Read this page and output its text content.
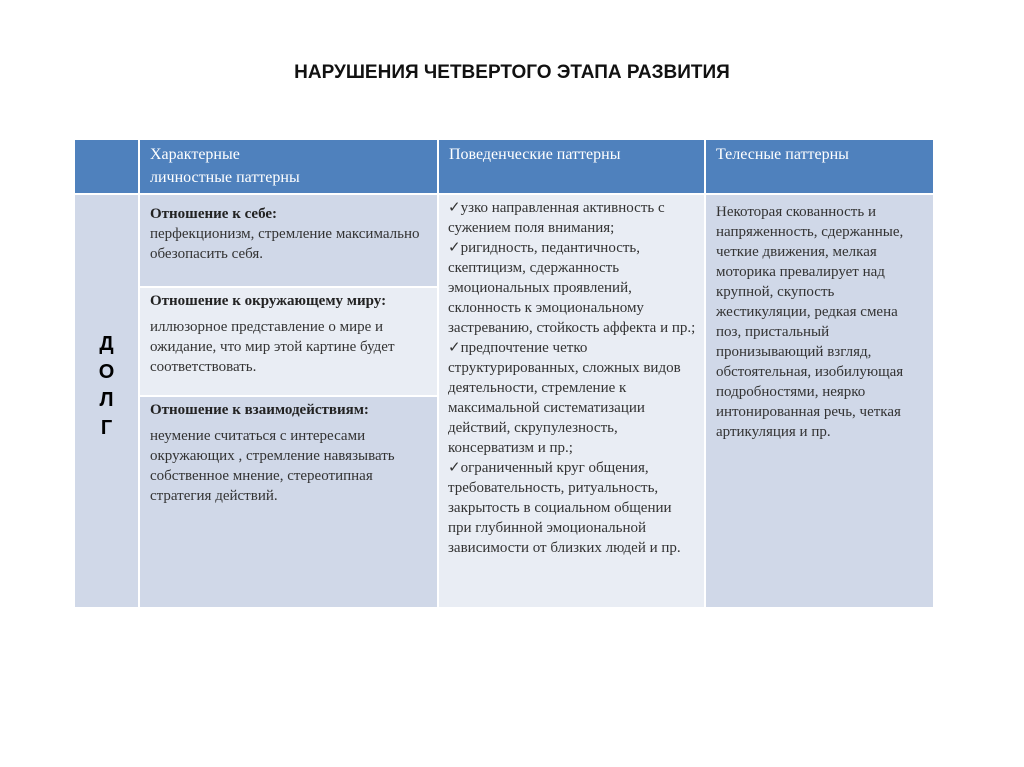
НАРУШЕНИЯ ЧЕТВЕРТОГО ЭТАПА РАЗВИТИЯ
Характерные личностные паттерны
Поведенческие паттерны	Телесные паттерны
Д
О
Л
Г
Отношение к себе:
перфекционизм, стремление максимально обезопасить себя.
Отношение к окружающему миру:
иллюзорное представление о мире и ожидание, что мир этой картине будет соответствовать.
Отношение к взаимодействиям:
неумение считаться с интересами окружающих , стремление навязывать собственное мнение, стереотипная стратегия действий.
✓узко направленная активность с сужением поля внимания;
✓ригидность, педантичность, скептицизм, сдержанность эмоциональных проявлений, склонность к эмоциональному застреванию, стойкость аффекта и пр.;
✓предпочтение четко структурированных, сложных видов деятельности, стремление к максимальной систематизации действий, скрупулезность, консерватизм и пр.;
✓ограниченный круг общения, требовательность, ритуальность, закрытость в социальном общении при глубинной эмоциональной зависимости от близких людей и пр.
Некоторая скованность и напряженность, сдержанные, четкие движения, мелкая моторика превалирует над крупной, скупость жестикуляции, редкая смена поз, пристальный пронизывающий взгляд, обстоятельная, изобилующая подробностями, неярко интонированная речь, четкая артикуляция и пр.
